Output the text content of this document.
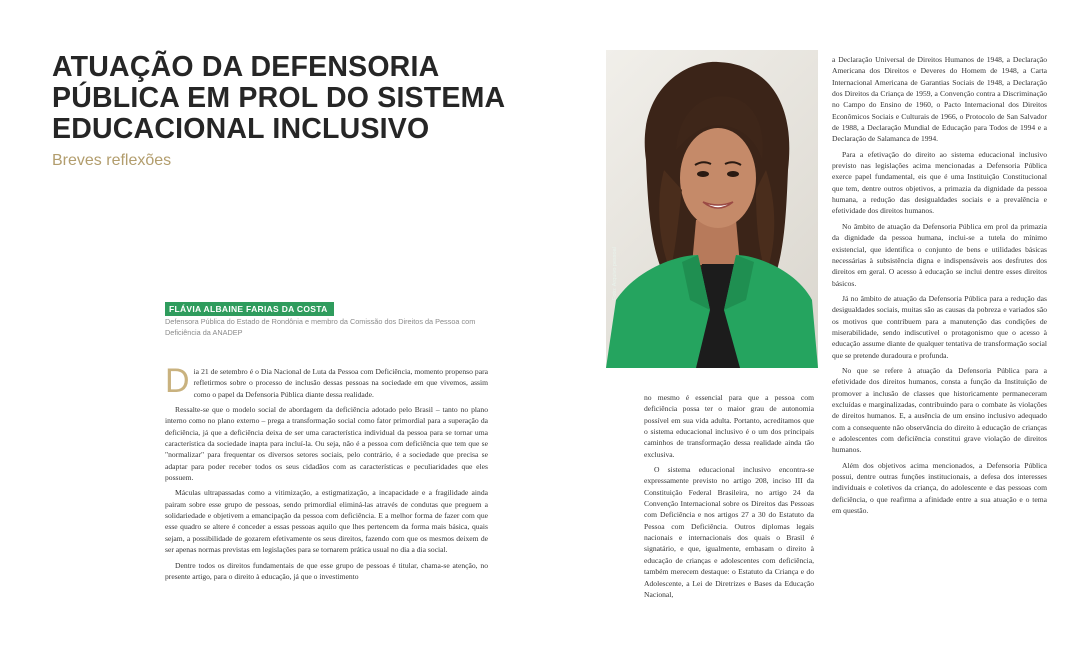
ATUAÇÃO DA DEFENSORIA PÚBLICA EM PROL DO SISTEMA EDUCACIONAL INCLUSIVO
Breves reflexões
FLÁVIA ALBAINE FARIAS DA COSTA
Defensora Pública do Estado de Rondônia e membro da Comissão dos Direitos da Pessoa com Deficiência da ANADEP
Foto: Arquivo pessoal

Dia 21 de setembro é o Dia Nacional de Luta da Pessoa com Deficiência, momento propenso para refletirmos sobre o processo de inclusão dessas pessoas na sociedade em que vivemos, assim como o papel da Defensoria Pública diante dessa realidade.

Ressalte-se que o modelo social de abordagem da deficiência adotado pelo Brasil – tanto no plano interno como no plano externo – prega a transformação social como fator primordial para a superação da deficiência, já que a deficiência deixa de ser uma característica individual da pessoa para se tornar uma característica da sociedade inapta para incluí-la. Ou seja, não é a pessoa com deficiência que tem que se "normalizar" para frequentar os diversos setores sociais, pelo contrário, é a sociedade que precisa se adaptar para poder receber todos os seus cidadãos com as características e peculiaridades que eles possuem.

Máculas ultrapassadas como a vitimização, a estigmatização, a incapacidade e a fragilidade ainda pairam sobre esse grupo de pessoas, sendo primordial eliminá-las através de condutas que preguem a solidariedade e objetivem a emancipação da pessoa com deficiência. E a melhor forma de fazer com que esse quadro se altere é conceder a essas pessoas aquilo que lhes pertencem da forma mais básica, quais sejam, a possibilidade de gozarem efetivamente os seus direitos, fazendo com que os mesmos deixem de ser apenas normas previstas em legislações para se tornarem prática usual no dia a dia social.

Dentre todos os direitos fundamentais de que esse grupo de pessoas é titular, chama-se atenção, no presente artigo, para o direito à educação, já que o investimento

no mesmo é essencial para que a pessoa com deficiência possa ter o maior grau de autonomia possível em sua vida adulta. Portanto, acreditamos que o sistema educacional inclusivo é o um dos principais caminhos de transformação dessa realidade ainda tão exclusiva.

O sistema educacional inclusivo encontra-se expressamente previsto no artigo 208, inciso III da Constituição Federal Brasileira, no artigo 24 da Convenção Internacional sobre os Direitos das Pessoas com Deficiência e nos artigos 27 a 30 do Estatuto da Pessoa com Deficiência. Outros diplomas legais nacionais e internacionais dos quais o Brasil é signatário, e que, igualmente, embasam o direito à educação de crianças e adolescentes com deficiência, também merecem destaque: o Estatuto da Criança e do Adolescente, a Lei de Diretrizes e Bases da Educação Nacional,

a Declaração Universal de Direitos Humanos de 1948, a Declaração Americana dos Direitos e Deveres do Homem de 1948, a Carta Internacional Americana de Garantias Sociais de 1948, a Declaração dos Direitos da Criança de 1959, a Convenção contra a Discriminação no Campo do Ensino de 1960, o Pacto Internacional dos Direitos Econômicos Sociais e Culturais de 1966, o Protocolo de San Salvador de 1988, a Declaração Mundial de Educação para Todos de 1994 e a Declaração de Salamanca de 1994.

Para a efetivação do direito ao sistema educacional inclusivo previsto nas legislações acima mencionadas a Defensoria Pública exerce papel fundamental, eis que é uma Instituição Constitucional que tem, dentre outros objetivos, a primazia da dignidade da pessoa humana, a redução das desigualdades sociais e a prevalência e efetividade dos direitos humanos.

No âmbito de atuação da Defensoria Pública em prol da primazia da dignidade da pessoa humana, inclui-se a tutela do mínimo existencial, que identifica o conjunto de bens e utilidades básicas necessárias à subsistência digna e indispensáveis aos desfrutes dos direitos em geral. O acesso à educação se inclui dentre esses direitos básicos.

Já no âmbito de atuação da Defensoria Pública para a redução das desigualdades sociais, muitas são as causas da pobreza e variados são os motivos que contribuem para a manutenção das condições de miserabilidade, sendo indiscutível o protagonismo que o acesso à educação assume diante de qualquer tentativa de transformação social que se pretende duradoura e profunda.

No que se refere à atuação da Defensoria Pública para a efetividade dos direitos humanos, consta a função da Instituição de promover a inclusão de classes que historicamente permaneceram excluídas e marginalizadas, contribuindo para o combate às violações de direitos humanos. E, a ausência de um ensino inclusivo adequado com a consequente não observância do direito à educação de crianças e adolescentes com deficiência constitui grave violação de direitos humanos.

Além dos objetivos acima mencionados, a Defensoria Pública possui, dentre outras funções institucionais, a defesa dos interesses individuais e coletivos da criança, do adolescente e das pessoas com deficiência, o que reafirma a afinidade entre a sua atuação e o tema em questão.
